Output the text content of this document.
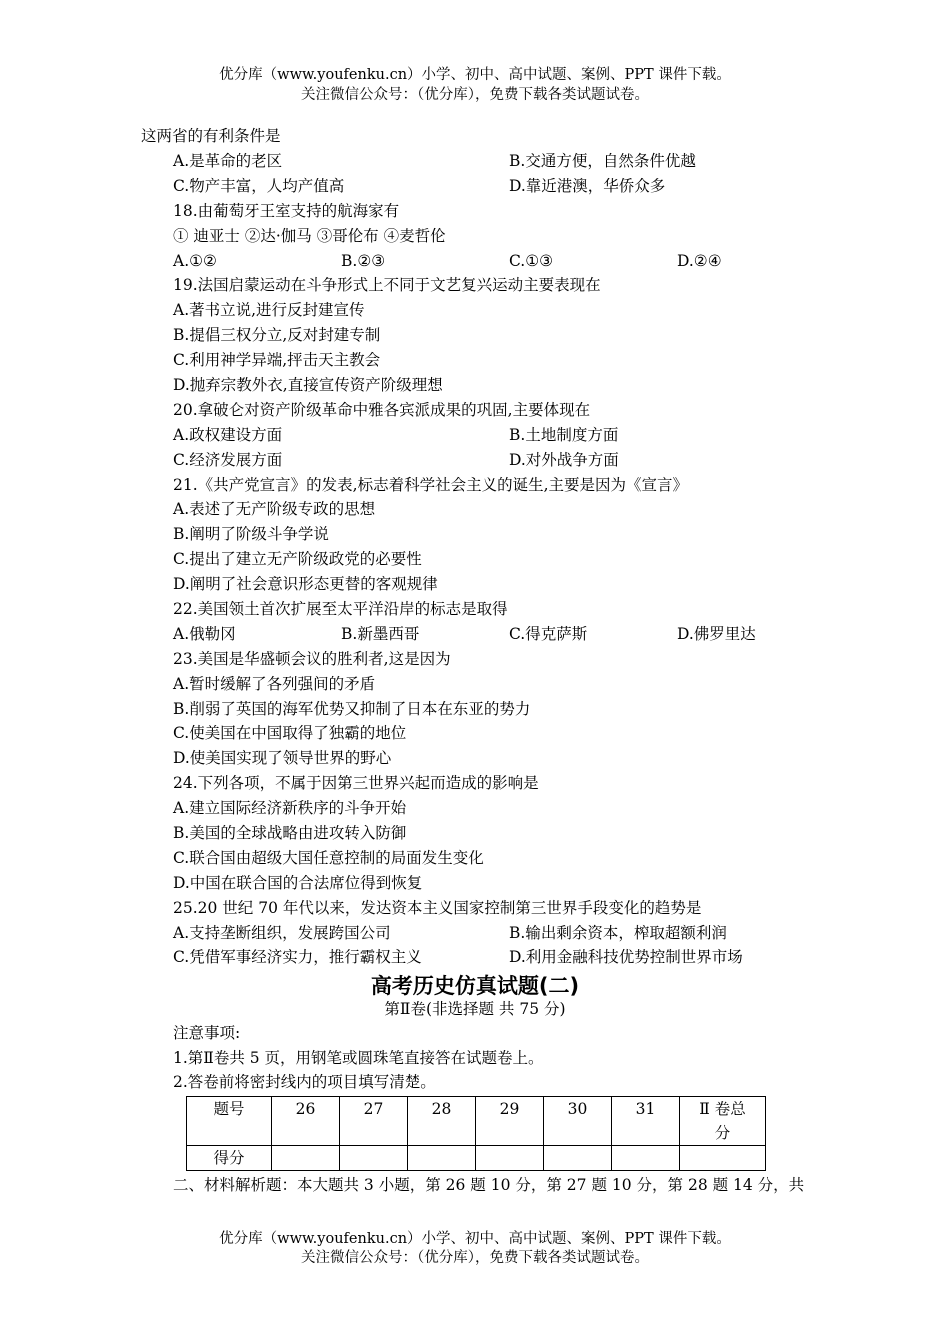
优分库（www.youfenku.cn）小学、初中、高中试题、案例、PPT 课件下载。
关注微信公众号：（优分库），免费下载各类试题试卷。
这两省的有利条件是
A.是革命的老区	B.交通方便，自然条件优越
C.物产丰富，人均产值高	D.靠近港澳，华侨众多
18.由葡萄牙王室支持的航海家有
① 迪亚士 ②达·伽马 ③哥伦布 ④麦哲伦
A.①②	B.②③	C.①③	D.②④
19.法国启蒙运动在斗争形式上不同于文艺复兴运动主要表现在
A.著书立说,进行反封建宣传
B.提倡三权分立,反对封建专制
C.利用神学异端,抨击天主教会
D.抛弃宗教外衣,直接宣传资产阶级理想
20.拿破仑对资产阶级革命中雅各宾派成果的巩固,主要体现在
A.政权建设方面	B.土地制度方面
C.经济发展方面	D.对外战争方面
21.《共产党宣言》的发表,标志着科学社会主义的诞生,主要是因为《宣言》
A.表述了无产阶级专政的思想
B.阐明了阶级斗争学说
C.提出了建立无产阶级政党的必要性
D.阐明了社会意识形态更替的客观规律
22.美国领土首次扩展至太平洋沿岸的标志是取得
A.俄勒冈	B.新墨西哥	C.得克萨斯	D.佛罗里达
23.美国是华盛顿会议的胜利者,这是因为
A.暂时缓解了各列强间的矛盾
B.削弱了英国的海军优势又抑制了日本在东亚的势力
C.使美国在中国取得了独霸的地位
D.使美国实现了领导世界的野心
24.下列各项，不属于因第三世界兴起而造成的影响是
A.建立国际经济新秩序的斗争开始
B.美国的全球战略由进攻转入防御
C.联合国由超级大国任意控制的局面发生变化
D.中国在联合国的合法席位得到恢复
25.20 世纪 70 年代以来，发达资本主义国家控制第三世界手段变化的趋势是
A.支持垄断组织，发展跨国公司	B.输出剩余资本，榨取超额利润
C.凭借军事经济实力，推行霸权主义	D.利用金融科技优势控制世界市场
高考历史仿真试题(二)
第Ⅱ卷(非选择题 共 75 分)
注意事项:
1.第Ⅱ卷共 5 页，用钢笔或圆珠笔直接答在试题卷上。
2.答卷前将密封线内的项目填写清楚。
题号	26	27	28	29	30	31	Ⅱ 卷总
分

得分							
二、材料解析题：本大题共 3 小题，第 26 题 10 分，第 27 题 10 分，第 28 题 14 分，共
优分库（www.youfenku.cn）小学、初中、高中试题、案例、PPT 课件下载。
关注微信公众号：（优分库），免费下载各类试题试卷。
